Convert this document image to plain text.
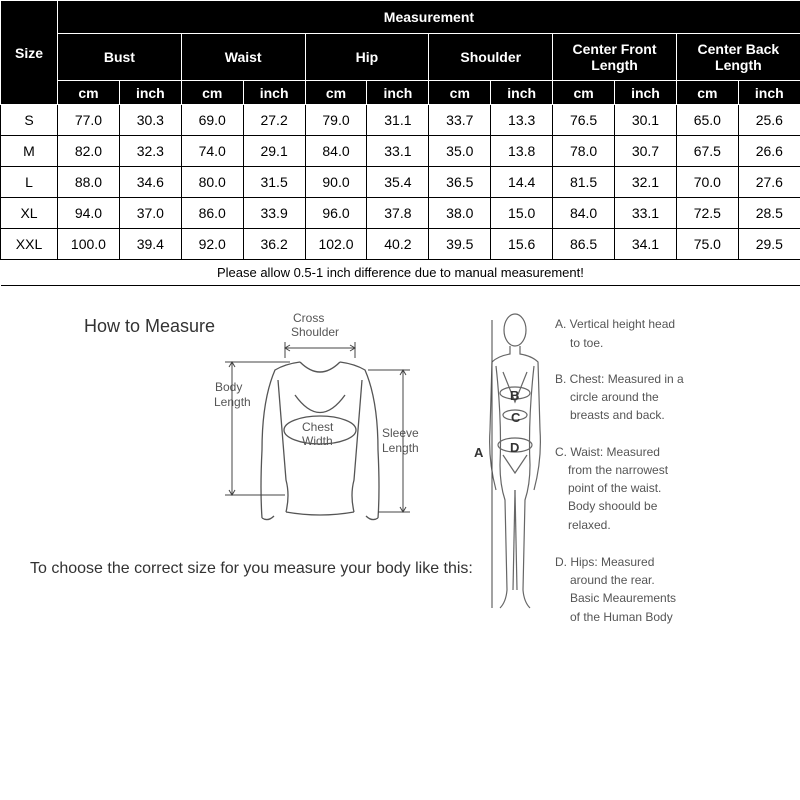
Size	Measurement											
	Bust		Waist		Hip		Shoulder		Center Front Length		Center Back Length	
	cm	inch	cm	inch	cm	inch	cm	inch	cm	inch	cm	inch
S	77.0	30.3	69.0	27.2	79.0	31.1	33.7	13.3	76.5	30.1	65.0	25.6
M	82.0	32.3	74.0	29.1	84.0	33.1	35.0	13.8	78.0	30.7	67.5	26.6
L	88.0	34.6	80.0	31.5	90.0	35.4	36.5	14.4	81.5	32.1	70.0	27.6
XL	94.0	37.0	86.0	33.9	96.0	37.8	38.0	15.0	84.0	33.1	72.5	28.5
XXL	100.0	39.4	92.0	36.2	102.0	40.2	39.5	15.6	86.5	34.1	75.0	29.5
Please allow 0.5-1 inch difference due to manual measurement!												
How to Measure	Cross
Shoulder
Chest
Width
Body
Length
Sleeve
Length
To choose the correct size for you measure your body like this:
A
B
C
D
A. Vertical height head
to toe.
B. Chest: Measured in a
circle around the
breasts and back.
C. Waist: Measured
from the narrowest
point of the waist.
Body shoould be
relaxed.
D. Hips: Measured
around the rear.
Basic Meaurements
of the Human Body
